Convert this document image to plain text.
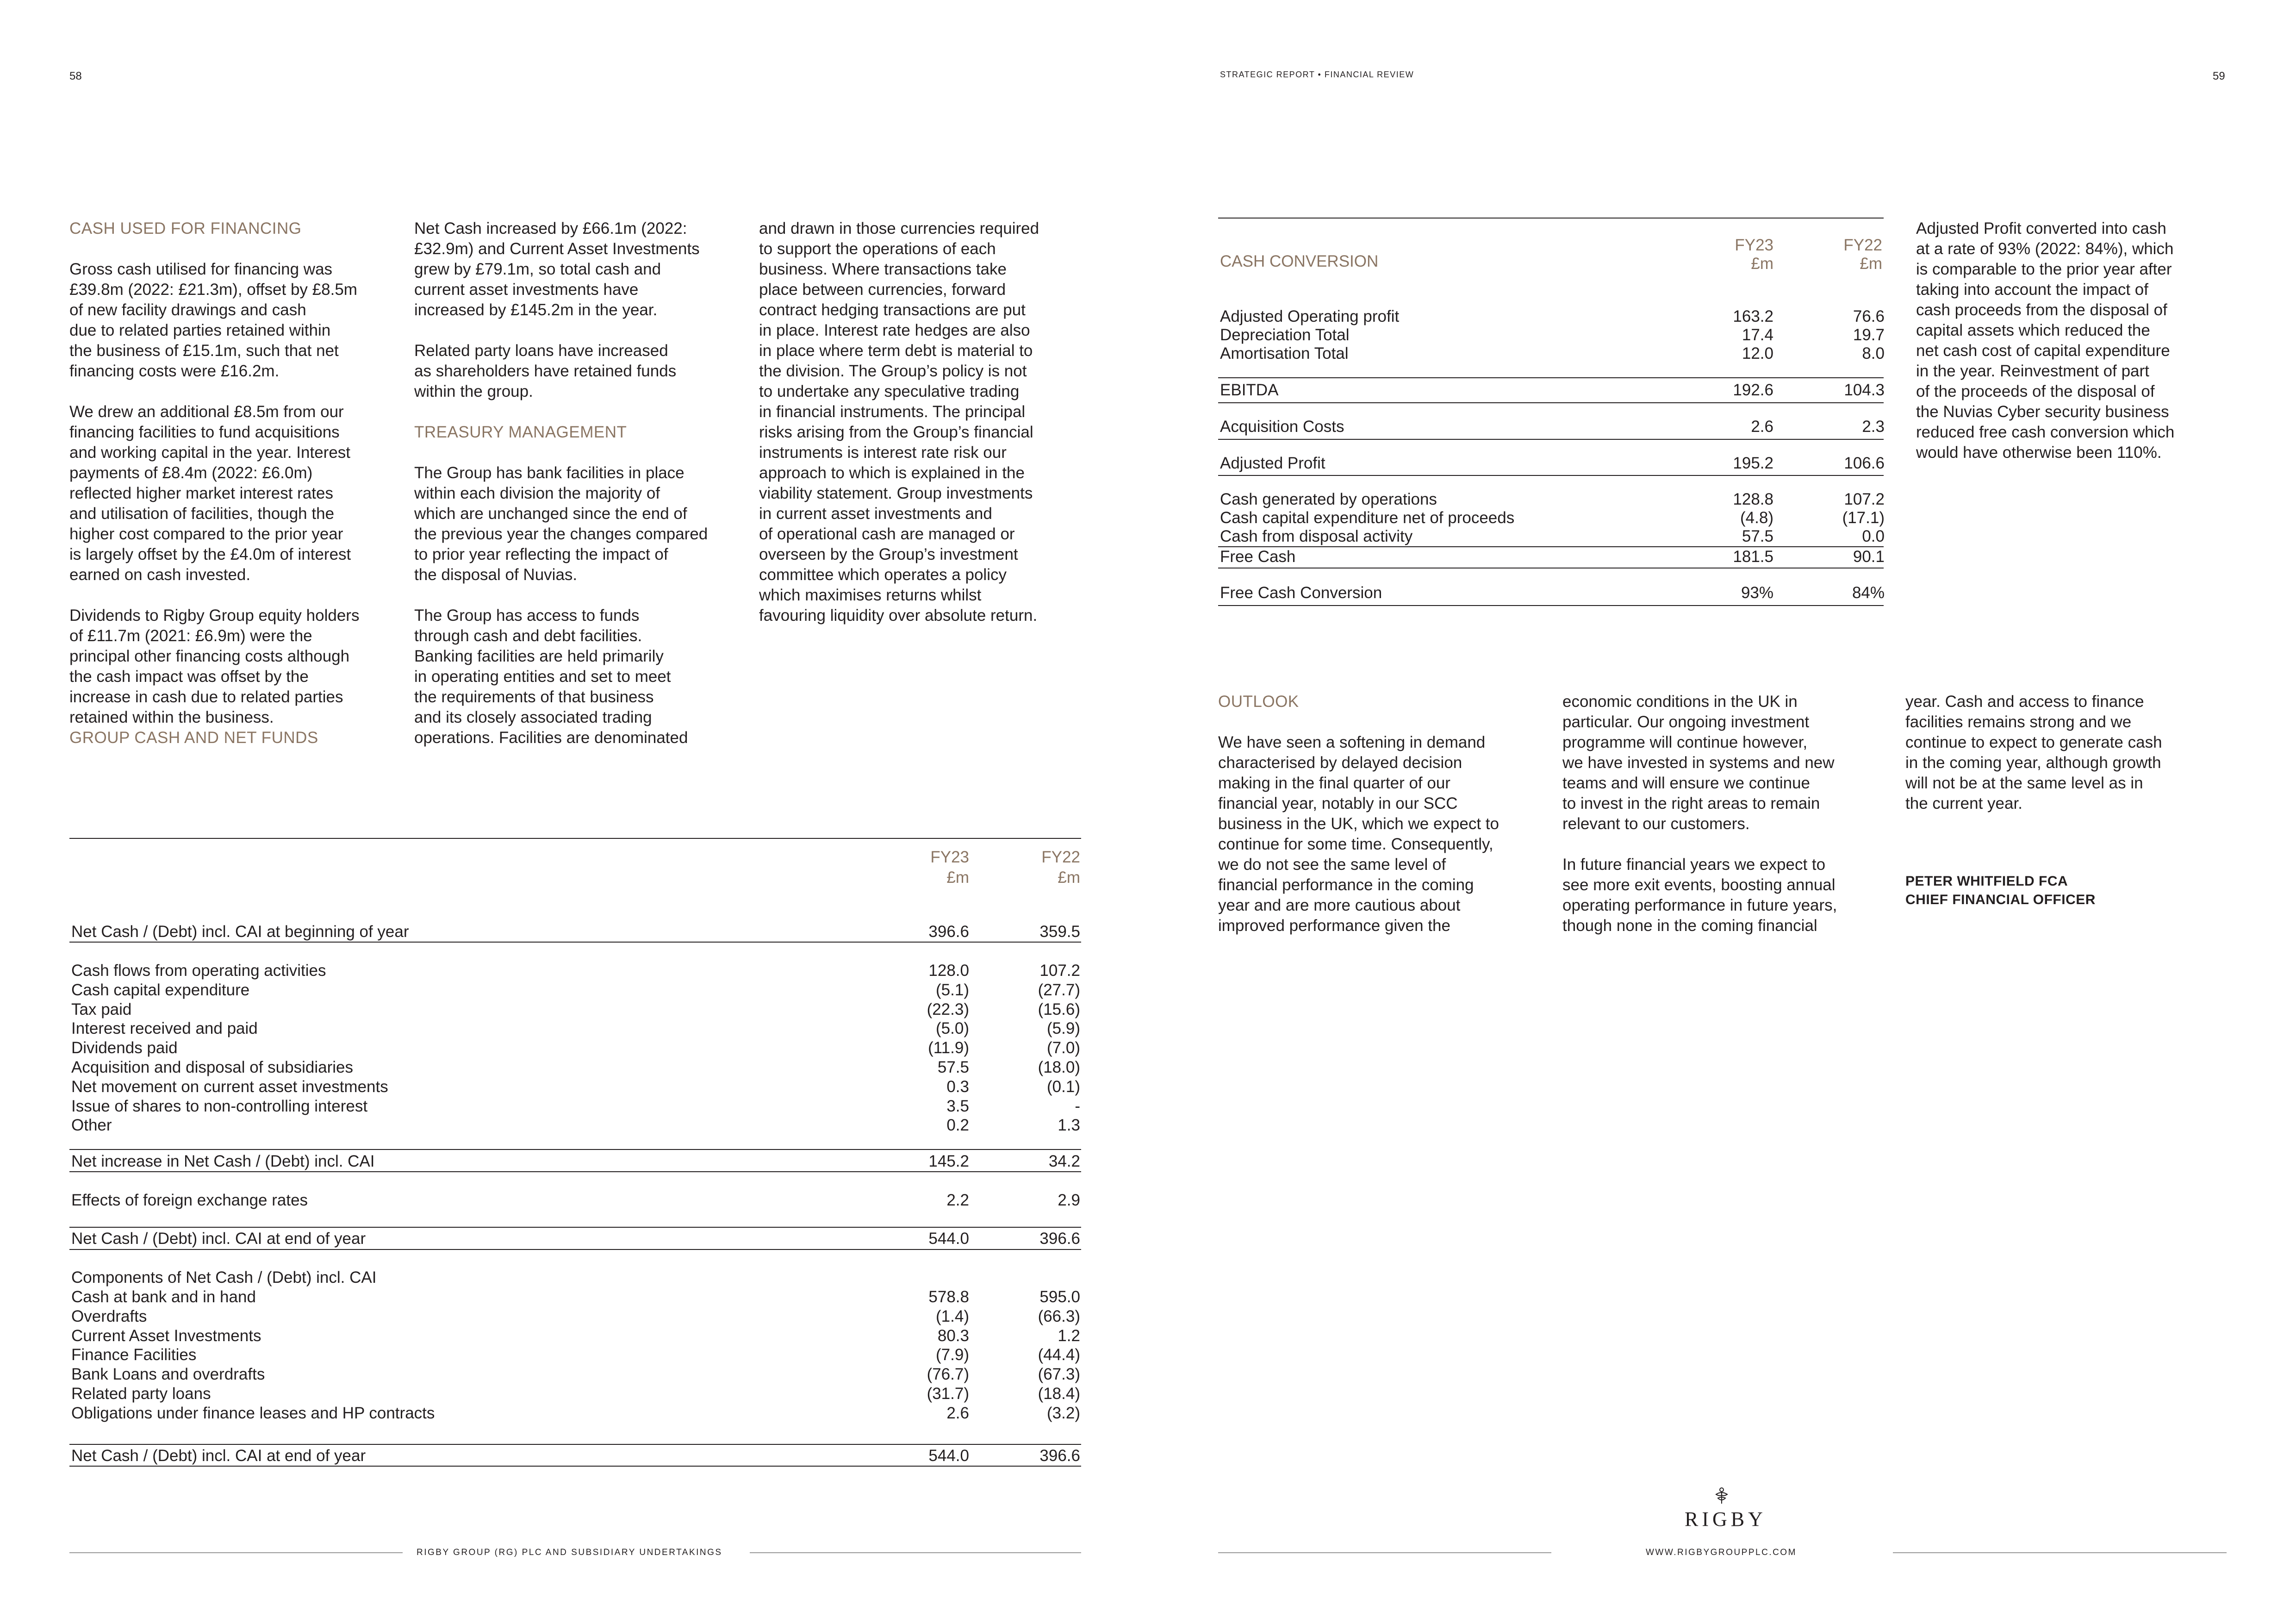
58	STRATEGIC REPORT • FINANCIAL REVIEW	59
CASH USED FOR FINANCING

Gross cash utilised for financing was
£39.8m (2022: £21.3m), offset by £8.5m
of new facility drawings and cash
due to related parties retained within
the business of £15.1m, such that net
financing costs were £16.2m.

We drew an additional £8.5m from our
financing facilities to fund acquisitions
and working capital in the year. Interest
payments of £8.4m (2022: £6.0m)
reflected higher market interest rates
and utilisation of facilities, though the
higher cost compared to the prior year
is largely offset by the £4.0m of interest
earned on cash invested.

Dividends to Rigby Group equity holders
of £11.7m (2021: £6.9m) were the
principal other financing costs although
the cash impact was offset by the
increase in cash due to related parties
retained within the business.

GROUP CASH AND NET FUNDS

Net Cash increased by £66.1m (2022:
£32.9m) and Current Asset Investments
grew by £79.1m, so total cash and
current asset investments have
increased by £145.2m in the year.

Related party loans have increased
as shareholders have retained funds
within the group.

TREASURY MANAGEMENT

The Group has bank facilities in place
within each division the majority of
which are unchanged since the end of
the previous year the changes compared
to prior year reflecting the impact of
the disposal of Nuvias.

The Group has access to funds
through cash and debt facilities.
Banking facilities are held primarily
in operating entities and set to meet
the requirements of that business
and its closely associated trading
operations. Facilities are denominated

and drawn in those currencies required
to support the operations of each
business. Where transactions take
place between currencies, forward
contract hedging transactions are put
in place. Interest rate hedges are also
in place where term debt is material to
the division. The Group’s policy is not
to undertake any speculative trading
in financial instruments. The principal
risks arising from the Group’s financial
instruments is interest rate risk our
approach to which is explained in the
viability statement. Group investments
in current asset investments and
of operational cash are managed or
overseen by the Group’s investment
committee which operates a policy
which maximises returns whilst
favouring liquidity over absolute return.

FY23
£m
FY22
£m
Net Cash / (Debt) incl. CAI at beginning of year	396.6	359.5
Cash flows from operating activities	128.0	107.2
Cash capital expenditure	(5.1)	(27.7)
Tax paid	(22.3)	(15.6)
Interest received and paid	(5.0)	(5.9)
Dividends paid	(11.9)	(7.0)
Acquisition and disposal of subsidiaries	57.5	(18.0)
Net movement on current asset investments	0.3	(0.1)
Issue of shares to non-controlling interest	3.5	-
Other	0.2	1.3
Net increase in Net Cash / (Debt) incl. CAI	145.2	34.2
Effects of foreign exchange rates	2.2	2.9
Net Cash / (Debt) incl. CAI at end of year	544.0	396.6
Components of Net Cash / (Debt) incl. CAI
Cash at bank and in hand	578.8	595.0
Overdrafts	(1.4)	(66.3)
Current Asset Investments	80.3	1.2
Finance Facilities	(7.9)	(44.4)
Bank Loans and overdrafts	(76.7)	(67.3)
Related party loans	(31.7)	(18.4)
Obligations under finance leases and HP contracts	2.6	(3.2)
Net Cash / (Debt) incl. CAI at end of year	544.0	396.6
CASH CONVERSION
FY23
£m
FY22
£m
Adjusted Operating profit	163.2	76.6
Depreciation Total	17.4	19.7
Amortisation Total	12.0	8.0
EBITDA	192.6	104.3
Acquisition Costs	2.6	2.3
Adjusted Profit	195.2	106.6
Cash generated by operations	128.8	107.2
Cash capital expenditure net of proceeds	(4.8)	(17.1)
Cash from disposal activity	57.5	0.0
Free Cash	181.5	90.1
Free Cash Conversion	93%	84%

Adjusted Profit converted into cash
at a rate of 93% (2022: 84%), which
is comparable to the prior year after
taking into account the impact of
cash proceeds from the disposal of
capital assets which reduced the
net cash cost of capital expenditure
in the year. Reinvestment of part
of the proceeds of the disposal of
the Nuvias Cyber security business
reduced free cash conversion which
would have otherwise been 110%.

OUTLOOK

We have seen a softening in demand
characterised by delayed decision
making in the final quarter of our
financial year, notably in our SCC
business in the UK, which we expect to
continue for some time. Consequently,
we do not see the same level of
financial performance in the coming
year and are more cautious about
improved performance given the

economic conditions in the UK in
particular. Our ongoing investment
programme will continue however,
we have invested in systems and new
teams and will ensure we continue
to invest in the right areas to remain
relevant to our customers.

In future financial years we expect to
see more exit events, boosting annual
operating performance in future years,
though none in the coming financial

year. Cash and access to finance
facilities remains strong and we
continue to expect to generate cash
in the coming year, although growth
will not be at the same level as in
the current year.

PETER WHITFIELD FCA
CHIEF FINANCIAL OFFICER
RIGBY
RIGBY GROUP (RG) PLC AND SUBSIDIARY UNDERTAKINGS	WWW.RIGBYGROUPPLC.COM
